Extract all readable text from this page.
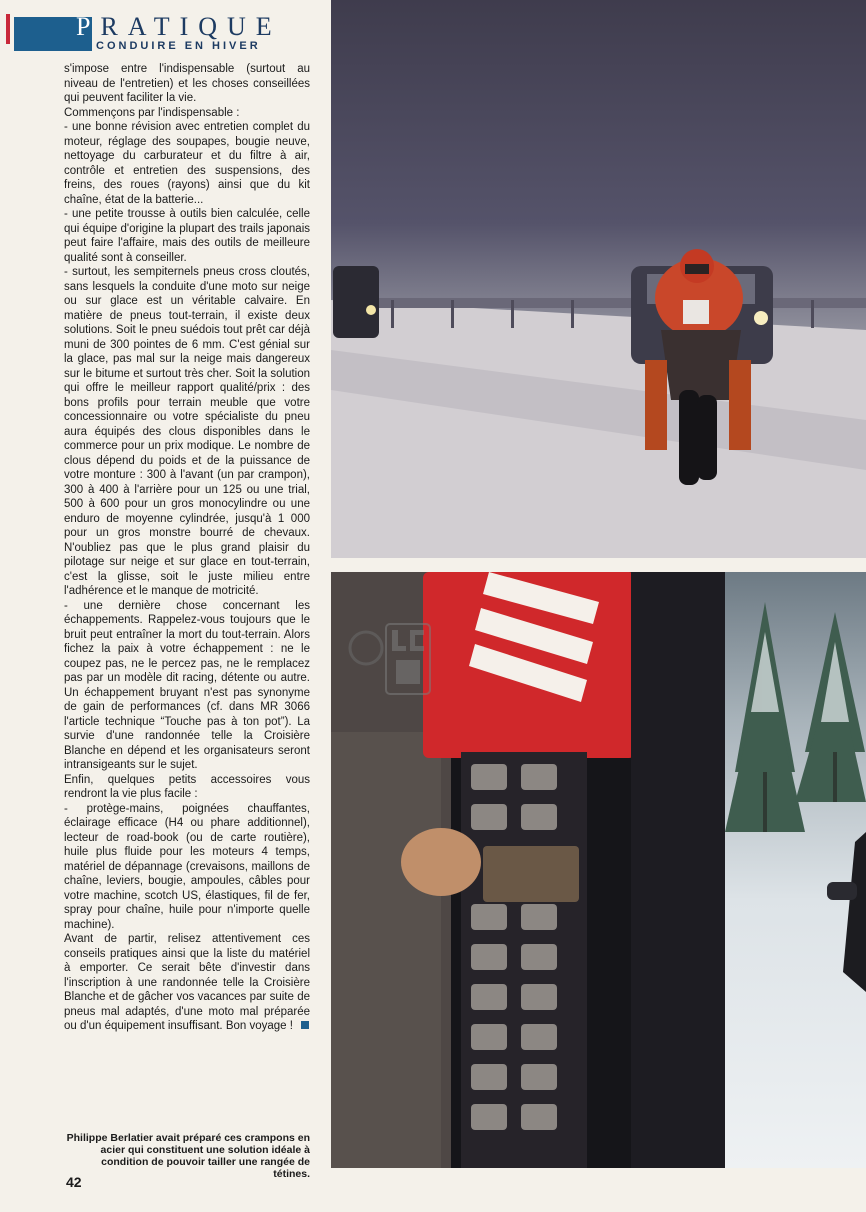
PRATIQUE
CONDUIRE EN HIVER

s'impose entre l'indispensable (surtout au niveau de l'entretien) et les choses conseillées qui peuvent faciliter la vie.

Commençons par l'indispensable :

- une bonne révision avec entretien complet du moteur, réglage des soupapes, bougie neuve, nettoyage du carburateur et du filtre à air, contrôle et entretien des suspensions, des freins, des roues (rayons) ainsi que du kit chaîne, état de la batterie...

- une petite trousse à outils bien calculée, celle qui équipe d'origine la plupart des trails japonais peut faire l'affaire, mais des outils de meilleure qualité sont à conseiller.

- surtout, les sempiternels pneus cross cloutés, sans lesquels la conduite d'une moto sur neige ou sur glace est un véritable calvaire. En matière de pneus tout-terrain, il existe deux solutions. Soit le pneu suédois tout prêt car déjà muni de 300 pointes de 6 mm. C'est génial sur la glace, pas mal sur la neige mais dangereux sur le bitume et surtout très cher. Soit la solution qui offre le meilleur rapport qualité/prix : des bons profils pour terrain meuble que votre concessionnaire ou votre spécialiste du pneu aura équipés des clous disponibles dans le commerce pour un prix modique. Le nombre de clous dépend du poids et de la puissance de votre monture : 300 à l'avant (un par crampon), 300 à 400 à l'arrière pour un 125 ou une trial, 500 à 600 pour un gros monocylindre ou une enduro de moyenne cylindrée, jusqu'à 1 000 pour un gros monstre bourré de chevaux. N'oubliez pas que le plus grand plaisir du pilotage sur neige et sur glace en tout-terrain, c'est la glisse, soit le juste milieu entre l'adhérence et le manque de motricité.

- une dernière chose concernant les échappements. Rappelez-vous toujours que le bruit peut entraîner la mort du tout-terrain. Alors fichez la paix à votre échappement : ne le coupez pas, ne le percez pas, ne le remplacez pas par un modèle dit racing, détente ou autre. Un échappement bruyant n'est pas synonyme de gain de performances (cf. dans MR 3066 l'article technique “Touche pas à ton pot”). La survie d'une randonnée telle la Croisière Blanche en dépend et les organisateurs seront intransigeants sur le sujet.

Enfin, quelques petits accessoires vous rendront la vie plus facile :

- protège-mains, poignées chauffantes, éclairage efficace (H4 ou phare additionnel), lecteur de road-book (ou de carte routière), huile plus fluide pour les moteurs 4 temps, matériel de dépannage (crevaisons, maillons de chaîne, leviers, bougie, ampoules, câbles pour votre machine, scotch US, élastiques, fil de fer, spray pour chaîne, huile pour n'importe quelle machine).

Avant de partir, relisez attentivement ces conseils pratiques ainsi que la liste du matériel à emporter. Ce serait bête d'investir dans l'inscription à une randonnée telle la Croisière Blanche et de gâcher vos vacances par suite de pneus mal adaptés, d'une moto mal préparée ou d'un équipement insuffisant. Bon voyage !

Philippe Berlatier avait préparé ces crampons en acier qui constituent une solution idéale à condition de pouvoir tailler une rangée de tétines.
42
